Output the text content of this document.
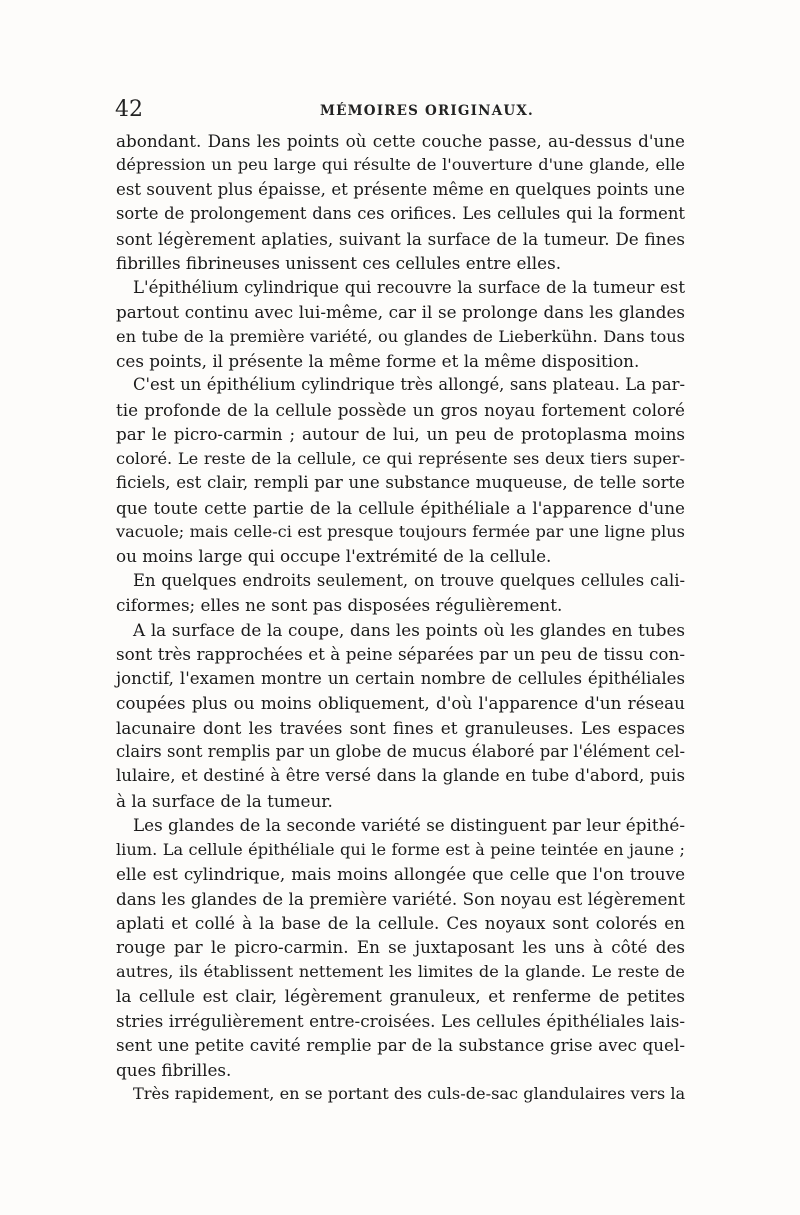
42	MÉMOIRES ORIGINAUX.
abondant. Dans les points où cette couche passe, au-dessus d'une
dépression un peu large qui résulte de l'ouverture d'une glande, elle
est souvent plus épaisse, et présente même en quelques points une
sorte de prolongement dans ces orifices. Les cellules qui la forment
sont légèrement aplaties, suivant la surface de la tumeur. De fines
fibrilles fibrineuses unissent ces cellules entre elles.
L'épithélium cylindrique qui recouvre la surface de la tumeur est
partout continu avec lui-même, car il se prolonge dans les glandes
en tube de la première variété, ou glandes de Lieberkühn. Dans tous
ces points, il présente la même forme et la même disposition.
C'est un épithélium cylindrique très allongé, sans plateau. La par-
tie profonde de la cellule possède un gros noyau fortement coloré
par le picro-carmin ; autour de lui, un peu de protoplasma moins
coloré. Le reste de la cellule, ce qui représente ses deux tiers super-
ficiels, est clair, rempli par une substance muqueuse, de telle sorte
que toute cette partie de la cellule épithéliale a l'apparence d'une
vacuole; mais celle-ci est presque toujours fermée par une ligne plus
ou moins large qui occupe l'extrémité de la cellule.
En quelques endroits seulement, on trouve quelques cellules cali-
ciformes; elles ne sont pas disposées régulièrement.
A la surface de la coupe, dans les points où les glandes en tubes
sont très rapprochées et à peine séparées par un peu de tissu con-
jonctif, l'examen montre un certain nombre de cellules épithéliales
coupées plus ou moins obliquement, d'où l'apparence d'un réseau
lacunaire dont les travées sont fines et granuleuses. Les espaces
clairs sont remplis par un globe de mucus élaboré par l'élément cel-
lulaire, et destiné à être versé dans la glande en tube d'abord, puis
à la surface de la tumeur.
Les glandes de la seconde variété se distinguent par leur épithé-
lium. La cellule épithéliale qui le forme est à peine teintée en jaune ;
elle est cylindrique, mais moins allongée que celle que l'on trouve
dans les glandes de la première variété. Son noyau est légèrement
aplati et collé à la base de la cellule. Ces noyaux sont colorés en
rouge par le picro-carmin. En se juxtaposant les uns à côté des
autres, ils établissent nettement les limites de la glande. Le reste de
la cellule est clair, légèrement granuleux, et renferme de petites
stries irrégulièrement entre-croisées. Les cellules épithéliales lais-
sent une petite cavité remplie par de la substance grise avec quel-
ques fibrilles.
Très rapidement, en se portant des culs-de-sac glandulaires vers la
